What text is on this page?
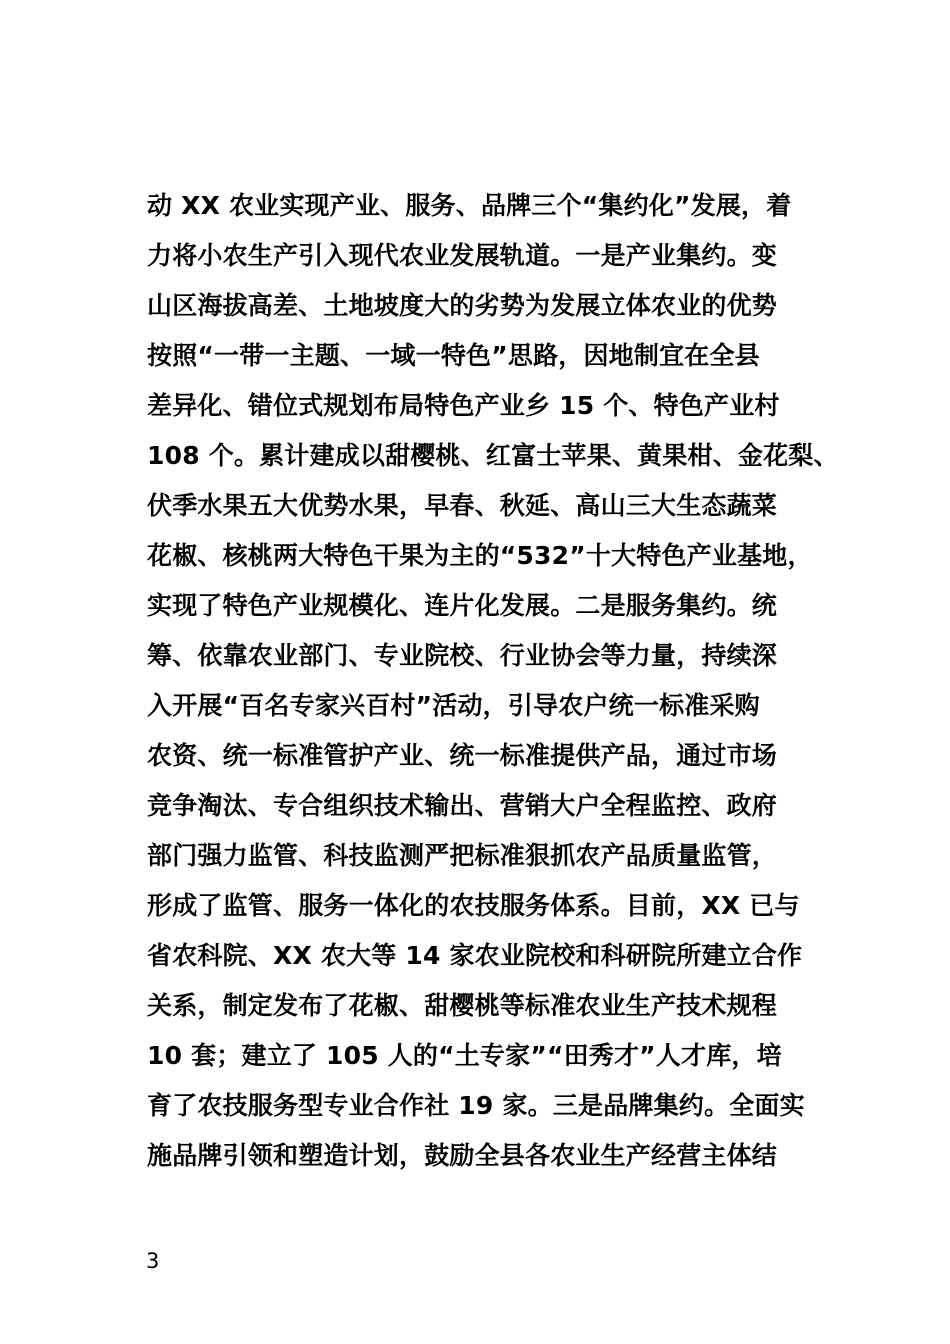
动 XX 农业实现产业、服务、品牌三个“集约化”发展，着
力将小农生产引入现代农业发展轨道。一是产业集约。变
山区海拔高差、土地坡度大的劣势为发展立体农业的优势
按照“一带一主题、一域一特色”思路，因地制宜在全县
差异化、错位式规划布局特色产业乡 15 个、特色产业村
108 个。累计建成以甜樱桃、红富士苹果、黄果柑、金花梨、
伏季水果五大优势水果，早春、秋延、高山三大生态蔬菜
花椒、核桃两大特色干果为主的“532”十大特色产业基地，
实现了特色产业规模化、连片化发展。二是服务集约。统
筹、依靠农业部门、专业院校、行业协会等力量，持续深
入开展“百名专家兴百村”活动，引导农户统一标准采购
农资、统一标准管护产业、统一标准提供产品，通过市场
竞争淘汰、专合组织技术输出、营销大户全程监控、政府
部门强力监管、科技监测严把标准狠抓农产品质量监管，
形成了监管、服务一体化的农技服务体系。目前，XX 已与
省农科院、XX 农大等 14 家农业院校和科研院所建立合作
关系，制定发布了花椒、甜樱桃等标准农业生产技术规程
10 套；建立了 105 人的“土专家”“田秀才”人才库，培
育了农技服务型专业合作社 19 家。三是品牌集约。全面实
施品牌引领和塑造计划，鼓励全县各农业生产经营主体结
3
